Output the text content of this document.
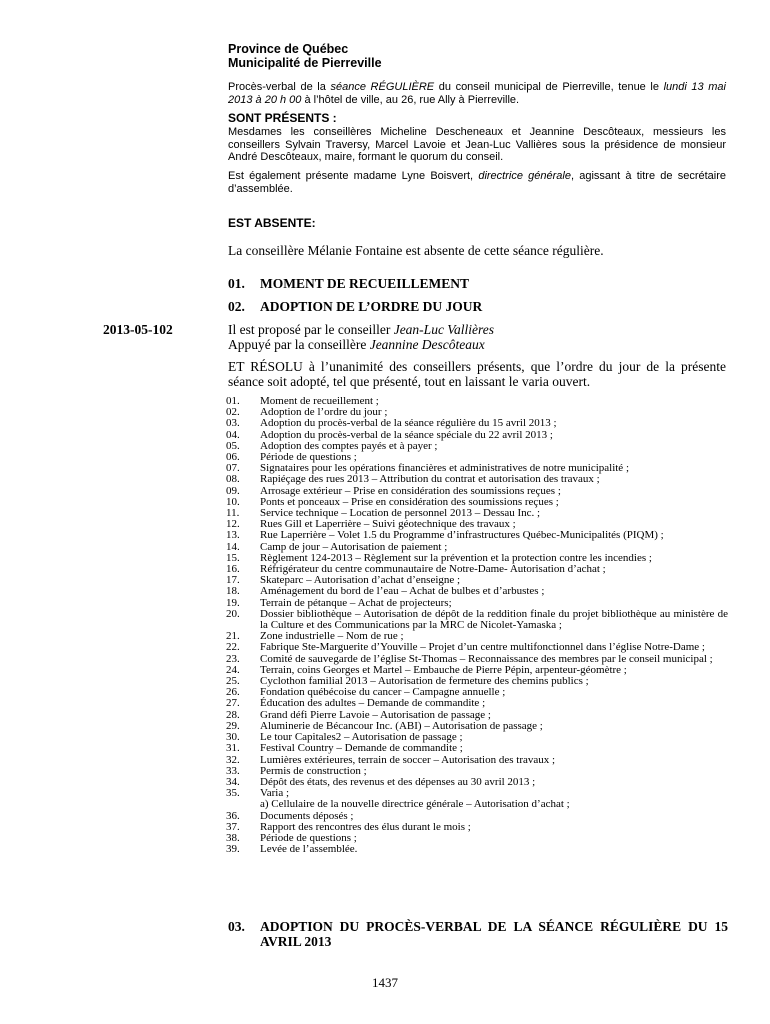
Province de Québec
Municipalité de Pierreville
Procès-verbal de la séance RÉGULIÈRE du conseil municipal de Pierreville, tenue le lundi 13 mai 2013 à 20 h 00 à l’hôtel de ville, au 26, rue Ally à Pierreville.
SONT PRÉSENTS :
Mesdames les conseillères Micheline Descheneaux et Jeannine Descôteaux, messieurs les conseillers Sylvain Traversy, Marcel Lavoie et Jean-Luc Vallières sous la présidence de monsieur André Descôteaux, maire, formant le quorum du conseil.
Est également présente madame Lyne Boisvert, directrice générale, agissant à titre de secrétaire d’assemblée.
EST ABSENTE:
La conseillère Mélanie Fontaine est absente de cette séance régulière.
01. MOMENT DE RECUEILLEMENT
02. ADOPTION DE L’ORDRE DU JOUR
2013-05-102	Il est proposé par le conseiller Jean-Luc Vallières
Appuyé par la conseillère Jeannine Descôteaux
ET RÉSOLU à l’unanimité des conseillers présents, que l’ordre du jour de la présente séance soit adopté, tel que présenté, tout en laissant le varia ouvert.
01.	Moment de recueillement ;
02.	Adoption de l’ordre du jour ;
03.	Adoption du procès-verbal de la séance régulière du 15 avril 2013 ;
04.	Adoption du procès-verbal de la séance spéciale du 22 avril 2013 ;
05.	Adoption des comptes payés et à payer ;
06.	Période de questions ;
07.	Signataires pour les opérations financières et administratives de notre municipalité ;
08.	Rapiéçage des rues 2013 – Attribution du contrat et autorisation des travaux ;
09.	Arrosage extérieur – Prise en considération des soumissions reçues ;
10.	Ponts et ponceaux – Prise en considération des soumissions reçues ;
11.	Service technique – Location de personnel 2013 – Dessau Inc. ;
12.	Rues Gill et Laperrière – Suivi géotechnique des travaux ;
13.	Rue Laperrière – Volet 1.5 du Programme d’infrastructures Québec-Municipalités (PIQM) ;
14.	Camp de jour – Autorisation de paiement ;
15.	Règlement 124-2013 – Règlement sur la prévention et la protection contre les incendies ;
16.	Réfrigérateur du centre communautaire de Notre-Dame- Autorisation d’achat ;
17.	Skateparc – Autorisation d’achat d’enseigne ;
18.	Aménagement du bord de l’eau – Achat de bulbes et d’arbustes ;
19.	Terrain de pétanque – Achat de projecteurs;
20.	Dossier bibliothèque – Autorisation de dépôt de la reddition finale du projet bibliothèque au ministère de la Culture et des Communications par la MRC de Nicolet-Yamaska ;
21.	Zone industrielle – Nom de rue ;
22.	Fabrique Ste-Marguerite d’Youville – Projet d’un centre multifonctionnel dans l’église Notre-Dame ;
23.	Comité de sauvegarde de l’église St-Thomas – Reconnaissance des membres par le conseil municipal ;
24.	Terrain, coins Georges et Martel – Embauche de Pierre Pépin, arpenteur-géomètre ;
25.	Cyclothon familial 2013 – Autorisation de fermeture des chemins publics ;
26.	Fondation québécoise du cancer – Campagne annuelle ;
27.	Éducation des adultes – Demande de commandite ;
28.	Grand défi Pierre Lavoie – Autorisation de passage ;
29.	Aluminerie de Bécancour Inc. (ABI) – Autorisation de passage ;
30.	Le tour Capitales2 – Autorisation de passage ;
31.	Festival Country – Demande de commandite ;
32.	Lumières extérieures, terrain de soccer – Autorisation des travaux ;
33.	Permis de construction ;
34.	Dépôt des états, des revenus et des dépenses au 30 avril 2013 ;
35.	Varia ;
a) Cellulaire de la nouvelle directrice générale – Autorisation d’achat ;
36.	Documents déposés ;
37.	Rapport des rencontres des élus durant le mois ;
38.	Période de questions ;
39.	Levée de l’assemblée.
03.	ADOPTION DU PROCÈS-VERBAL DE LA SÉANCE RÉGULIÈRE DU 15 AVRIL 2013
1437
